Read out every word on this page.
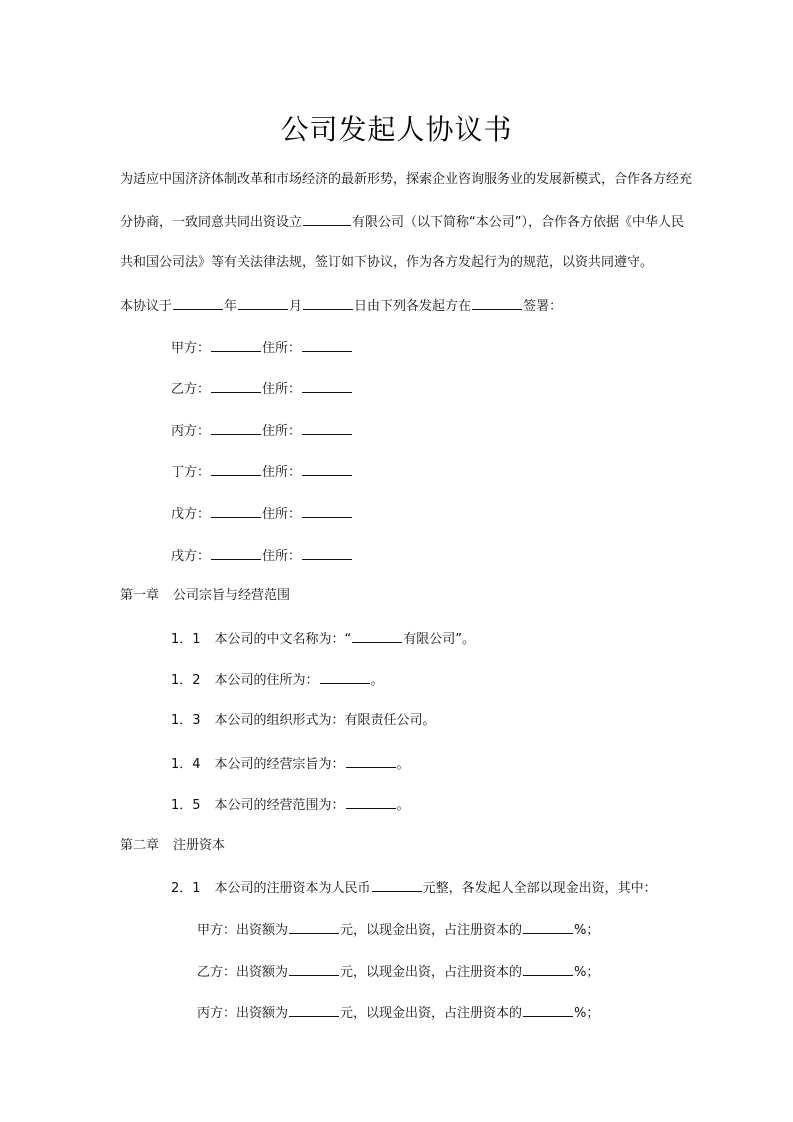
公司发起人协议书
为适应中国济济体制改革和市场经济的最新形势，探索企业咨询服务业的发展新模式，合作各方经充
分协商，一致同意共同出资设立	有限公司（以下简称“本公司”），合作各方依据《中华人民
共和国公司法》等有关法律法规，签订如下协议，作为各方发起行为的规范，以资共同遵守。
本协议于	年	月	日由下列各发起方在	签署：
甲方：	住所：
乙方：	住所：
丙方：	住所：
丁方：	住所：
戊方：	住所：
戌方：	住所：
第一章 公司宗旨与经营范围
1．1 本公司的中文名称为：“	有限公司”。
1．2 本公司的住所为：	。
1．3 本公司的组织形式为：有限责任公司。
1．4 本公司的经营宗旨为：	。
1．5 本公司的经营范围为：	。
第二章 注册资本
2．1 本公司的注册资本为人民币	元整，各发起人全部以现金出资，其中：
甲方：出资额为	元，以现金出资，占注册资本的	%；
乙方：出资额为	元，以现金出资，占注册资本的	%；
丙方：出资额为	元，以现金出资，占注册资本的	%；
